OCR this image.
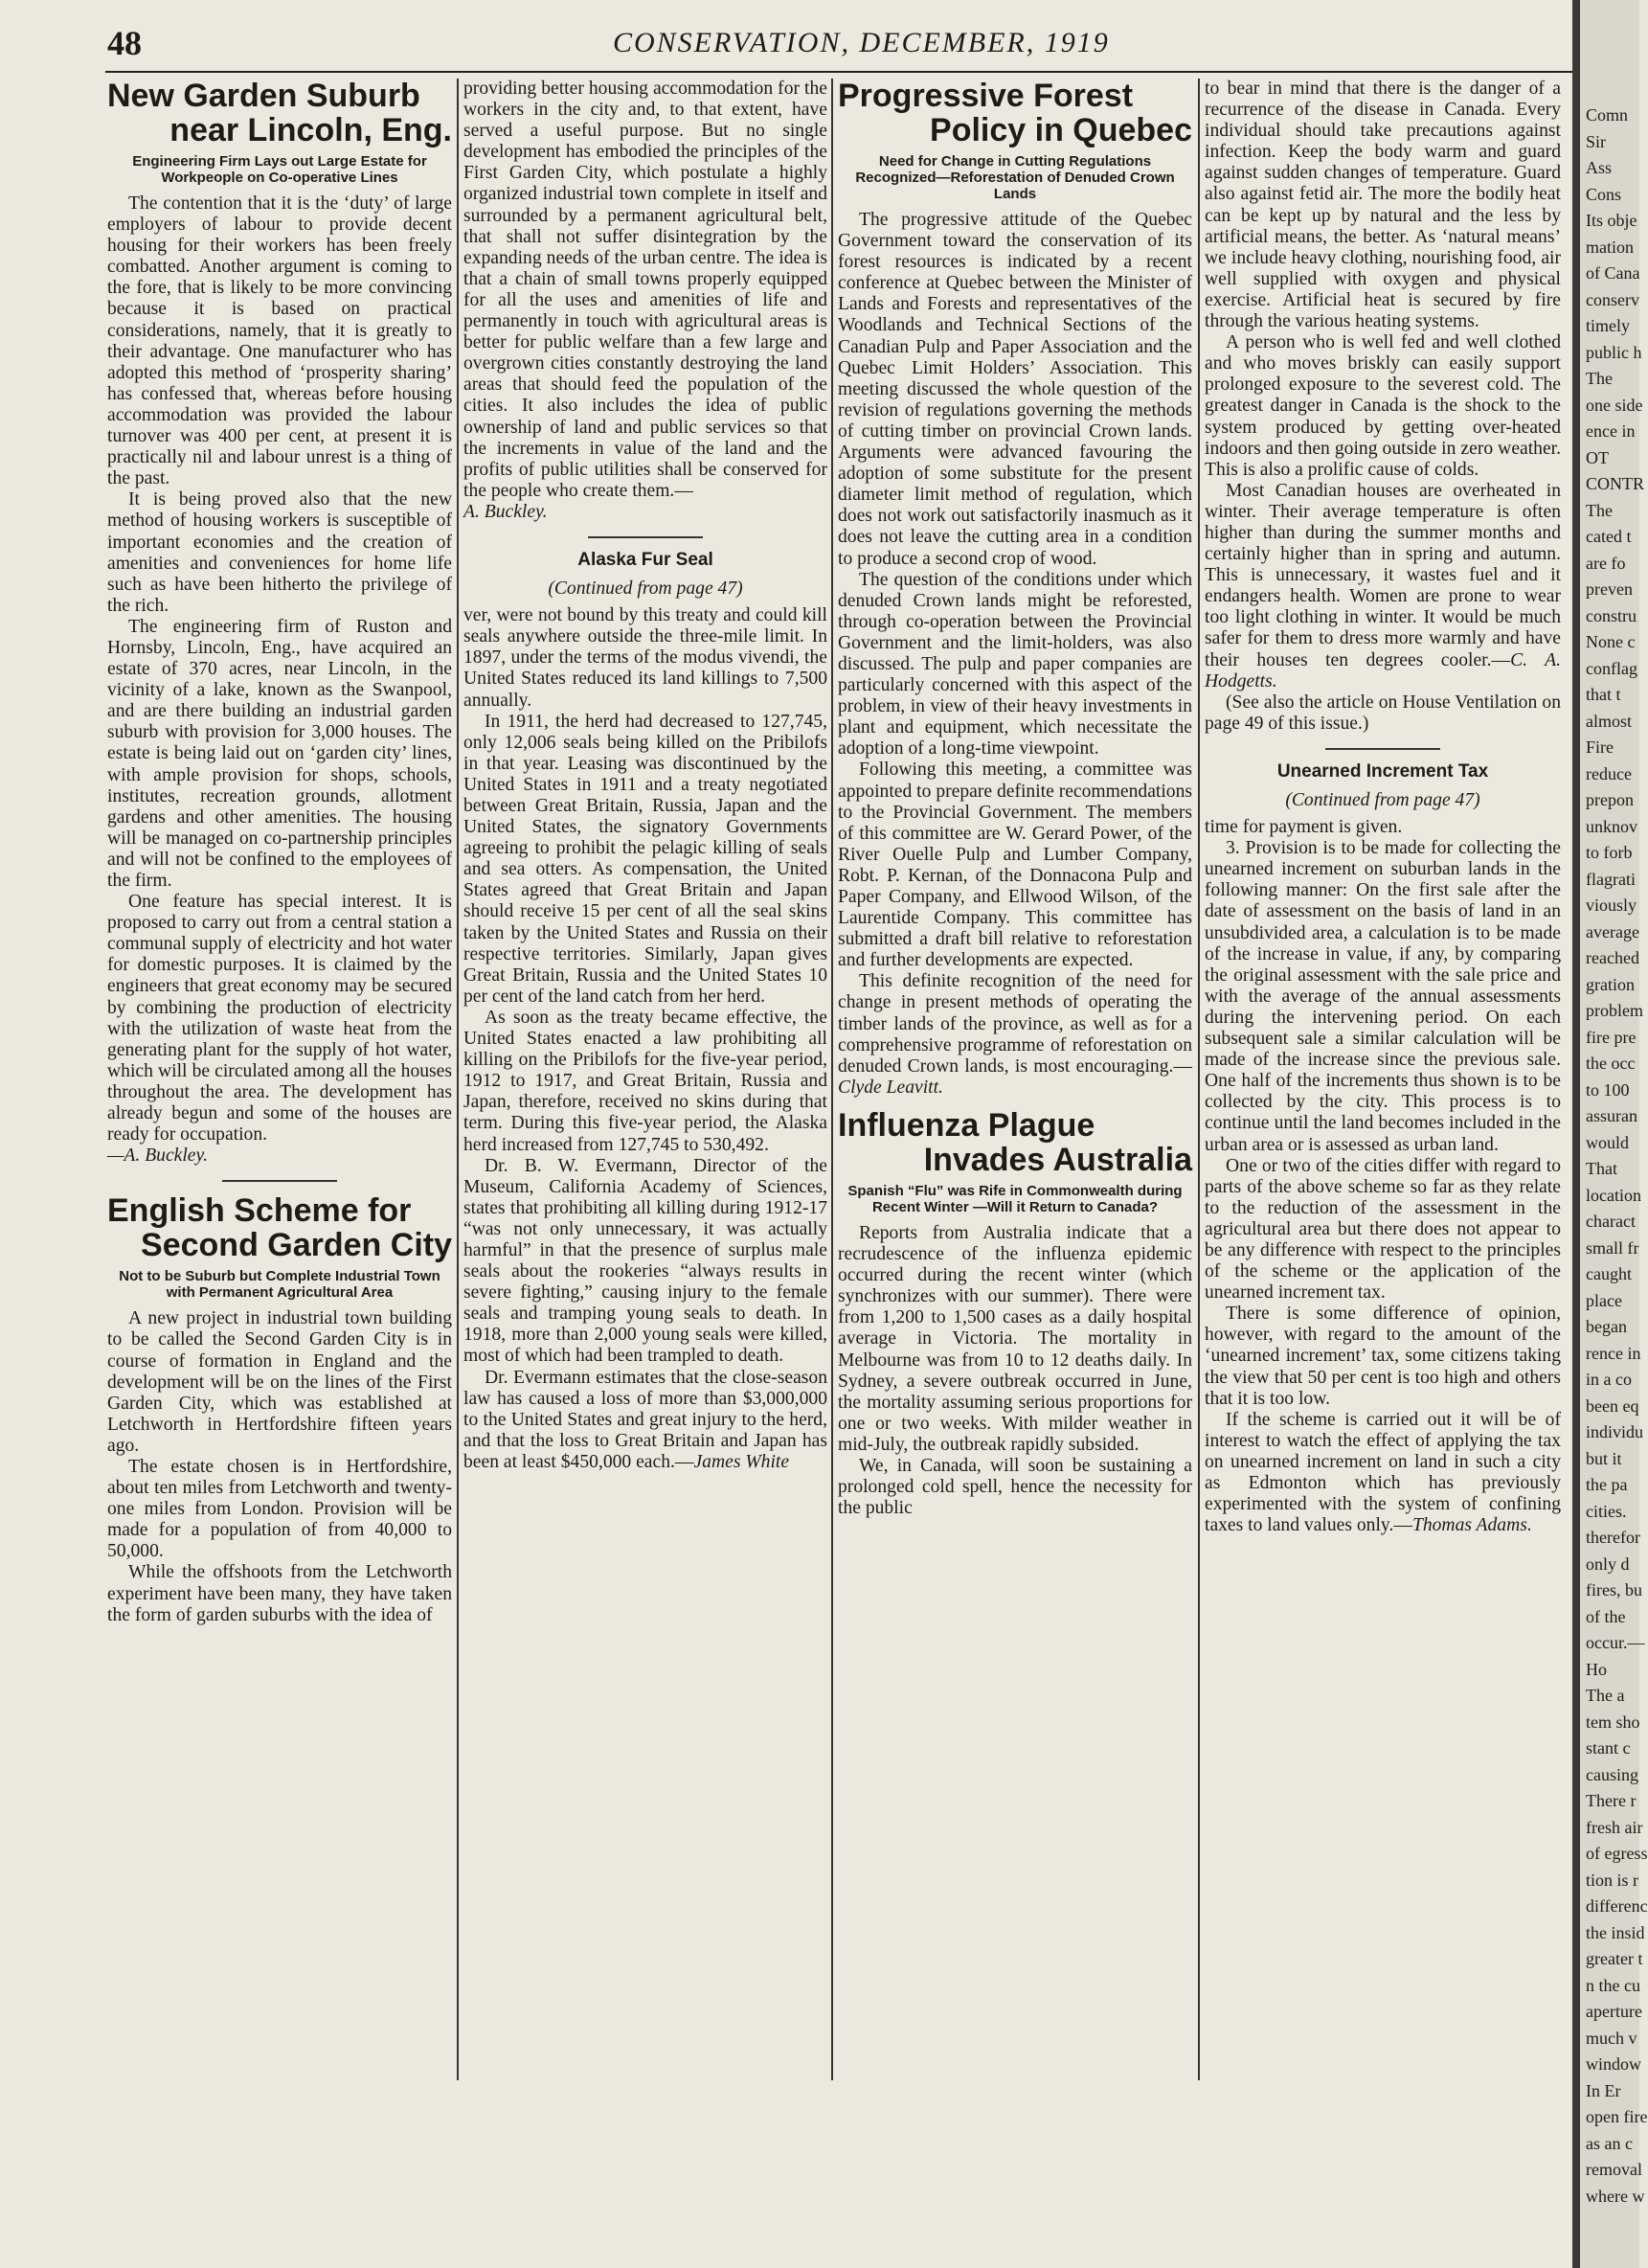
48	CONSERVATION, DECEMBER, 1919
New Garden Suburb
near Lincoln, Eng.
Engineering Firm Lays out Large Estate for Workpeople on Co-operative Lines

The contention that it is the ‘duty’ of large employers of labour to provide decent housing for their workers has been freely combatted. Another argument is coming to the fore, that is likely to be more convincing because it is based on practical considerations, namely, that it is greatly to their advantage. One manufacturer who has adopted this method of ‘prosperity sharing’ has confessed that, whereas before housing accommodation was provided the labour turnover was 400 per cent, at present it is practically nil and labour unrest is a thing of the past.

It is being proved also that the new method of housing workers is susceptible of important economies and the creation of amenities and conveniences for home life such as have been hitherto the privilege of the rich.

The engineering firm of Ruston and Hornsby, Lincoln, Eng., have acquired an estate of 370 acres, near Lincoln, in the vicinity of a lake, known as the Swanpool, and are there building an industrial garden suburb with provision for 3,000 houses. The estate is being laid out on ‘garden city’ lines, with ample provision for shops, schools, institutes, recreation grounds, allotment gardens and other amenities. The housing will be managed on co-partnership principles and will not be confined to the employees of the firm.

One feature has special interest. It is proposed to carry out from a central station a communal supply of electricity and hot water for domestic purposes. It is claimed by the engineers that great economy may be secured by combining the production of electricity with the utilization of waste heat from the generating plant for the supply of hot water, which will be circulated among all the houses throughout the area. The development has already begun and some of the houses are ready for occupation.

—A. Buckley.

English Scheme for
Second Garden City
Not to be Suburb but Complete Industrial Town with Permanent Agricultural Area

A new project in industrial town building to be called the Second Garden City is in course of formation in England and the development will be on the lines of the First Garden City, which was established at Letchworth in Hertfordshire fifteen years ago.

The estate chosen is in Hertfordshire, about ten miles from Letchworth and twenty-one miles from London. Provision will be made for a population of from 40,000 to 50,000.

While the offshoots from the Letchworth experiment have been many, they have taken the form of garden suburbs with the idea of

providing better housing accommodation for the workers in the city and, to that extent, have served a useful purpose. But no single development has embodied the principles of the First Garden City, which postulate a highly organized industrial town complete in itself and surrounded by a permanent agricultural belt, that shall not suffer disintegration by the expanding needs of the urban centre. The idea is that a chain of small towns properly equipped for all the uses and amenities of life and permanently in touch with agricultural areas is better for public welfare than a few large and overgrown cities constantly destroying the land areas that should feed the population of the cities. It also includes the idea of public ownership of land and public services so that the increments in value of the land and the profits of public utilities shall be conserved for the people who create them.—

A. Buckley.

Alaska Fur Seal
(Continued from page 47)

ver, were not bound by this treaty and could kill seals anywhere outside the three-mile limit. In 1897, under the terms of the modus vivendi, the United States reduced its land killings to 7,500 annually.

In 1911, the herd had decreased to 127,745, only 12,006 seals being killed on the Pribilofs in that year. Leasing was discontinued by the United States in 1911 and a treaty negotiated between Great Britain, Russia, Japan and the United States, the signatory Governments agreeing to prohibit the pelagic killing of seals and sea otters. As compensation, the United States agreed that Great Britain and Japan should receive 15 per cent of all the seal skins taken by the United States and Russia on their respective territories. Similarly, Japan gives Great Britain, Russia and the United States 10 per cent of the land catch from her herd.

As soon as the treaty became effective, the United States enacted a law prohibiting all killing on the Pribilofs for the five-year period, 1912 to 1917, and Great Britain, Russia and Japan, therefore, received no skins during that term. During this five-year period, the Alaska herd increased from 127,745 to 530,492.

Dr. B. W. Evermann, Director of the Museum, California Academy of Sciences, states that prohibiting all killing during 1912-17 “was not only unnecessary, it was actually harmful” in that the presence of surplus male seals about the rookeries “always results in severe fighting,” causing injury to the female seals and tramping young seals to death. In 1918, more than 2,000 young seals were killed, most of which had been trampled to death.

Dr. Evermann estimates that the close-season law has caused a loss of more than $3,000,000 to the United States and great injury to the herd, and that the loss to Great Britain and Japan has been at least $450,000 each.—James White

Progressive Forest
Policy in Quebec
Need for Change in Cutting Regulations Recognized—Reforestation of Denuded Crown Lands

The progressive attitude of the Quebec Government toward the conservation of its forest resources is indicated by a recent conference at Quebec between the Minister of Lands and Forests and representatives of the Woodlands and Technical Sections of the Canadian Pulp and Paper Association and the Quebec Limit Holders’ Association. This meeting discussed the whole question of the revision of regulations governing the methods of cutting timber on provincial Crown lands. Arguments were advanced favouring the adoption of some substitute for the present diameter limit method of regulation, which does not work out satisfactorily inasmuch as it does not leave the cutting area in a condition to produce a second crop of wood.

The question of the conditions under which denuded Crown lands might be reforested, through co-operation between the Provincial Government and the limit-holders, was also discussed. The pulp and paper companies are particularly concerned with this aspect of the problem, in view of their heavy investments in plant and equipment, which necessitate the adoption of a long-time viewpoint.

Following this meeting, a committee was appointed to prepare definite recommendations to the Provincial Government. The members of this committee are W. Gerard Power, of the River Ouelle Pulp and Lumber Company, Robt. P. Kernan, of the Donnacona Pulp and Paper Company, and Ellwood Wilson, of the Laurentide Company. This committee has submitted a draft bill relative to reforestation and further developments are expected.

This definite recognition of the need for change in present methods of operating the timber lands of the province, as well as for a comprehensive programme of reforestation on denuded Crown lands, is most encouraging.—Clyde Leavitt.

Influenza Plague
Invades Australia
Spanish “Flu” was Rife in Commonwealth during Recent Winter —Will it Return to Canada?

Reports from Australia indicate that a recrudescence of the influenza epidemic occurred during the recent winter (which synchronizes with our summer). There were from 1,200 to 1,500 cases as a daily hospital average in Victoria. The mortality in Melbourne was from 10 to 12 deaths daily. In Sydney, a severe outbreak occurred in June, the mortality assuming serious proportions for one or two weeks. With milder weather in mid-July, the outbreak rapidly subsided.

We, in Canada, will soon be sustaining a prolonged cold spell, hence the necessity for the public

to bear in mind that there is the danger of a recurrence of the disease in Canada. Every individual should take precautions against infection. Keep the body warm and guard against sudden changes of temperature. Guard also against fetid air. The more the bodily heat can be kept up by natural and the less by artificial means, the better. As ‘natural means’ we include heavy clothing, nourishing food, air well supplied with oxygen and physical exercise. Artificial heat is secured by fire through the various heating systems.

A person who is well fed and well clothed and who moves briskly can easily support prolonged exposure to the severest cold. The greatest danger in Canada is the shock to the system produced by getting over-heated indoors and then going outside in zero weather. This is also a prolific cause of colds.

Most Canadian houses are overheated in winter. Their average temperature is often higher than during the summer months and certainly higher than in spring and autumn. This is unnecessary, it wastes fuel and it endangers health. Women are prone to wear too light clothing in winter. It would be much safer for them to dress more warmly and have their houses ten degrees cooler.—C. A. Hodgetts.

(See also the article on House Ventilation on page 49 of this issue.)

Unearned Increment Tax
(Continued from page 47)

time for payment is given.

3. Provision is to be made for collecting the unearned increment on suburban lands in the following manner: On the first sale after the date of assessment on the basis of land in an unsubdivided area, a calculation is to be made of the increase in value, if any, by comparing the original assessment with the sale price and with the average of the annual assessments during the intervening period. On each subsequent sale a similar calculation will be made of the increase since the previous sale. One half of the increments thus shown is to be collected by the city. This process is to continue until the land becomes included in the urban area or is assessed as urban land.

One or two of the cities differ with regard to parts of the above scheme so far as they relate to the reduction of the assessment in the agricultural area but there does not appear to be any difference with respect to the principles of the scheme or the application of the unearned increment tax.

There is some difference of opinion, however, with regard to the amount of the ‘unearned increment’ tax, some citizens taking the view that 50 per cent is too high and others that it is too low.

If the scheme is carried out it will be of interest to watch the effect of applying the tax on unearned increment on land in such a city as Edmonton which has previously experimented with the system of confining taxes to land values only.—Thomas Adams.

Comn
Sir
Ass
Cons
Its obje
mation
of Cana
conserv
timely
public h
The
one side
ence in
OT
CONTR
The
cated t
are fo
preven
constru
None c
conflag
that t
almost
Fire
reduce
prepon
unknov
to forb
flagrati
viously
average
reached
gration
problem
fire pre
the occ
to 100
assuran
would
That
location
charact
small fr
caught
place
began
rence in
in a co
been eq
individu
but it
the pa
cities.
therefor
only d
fires, bu
of the
occur.—
Ho
The a
tem sho
stant c
causing
There r
fresh air
of egress
tion is r
differenc
the insid
greater t
n the cu
aperture
much v
window
In Er
open fire
as an c
removal
where w
